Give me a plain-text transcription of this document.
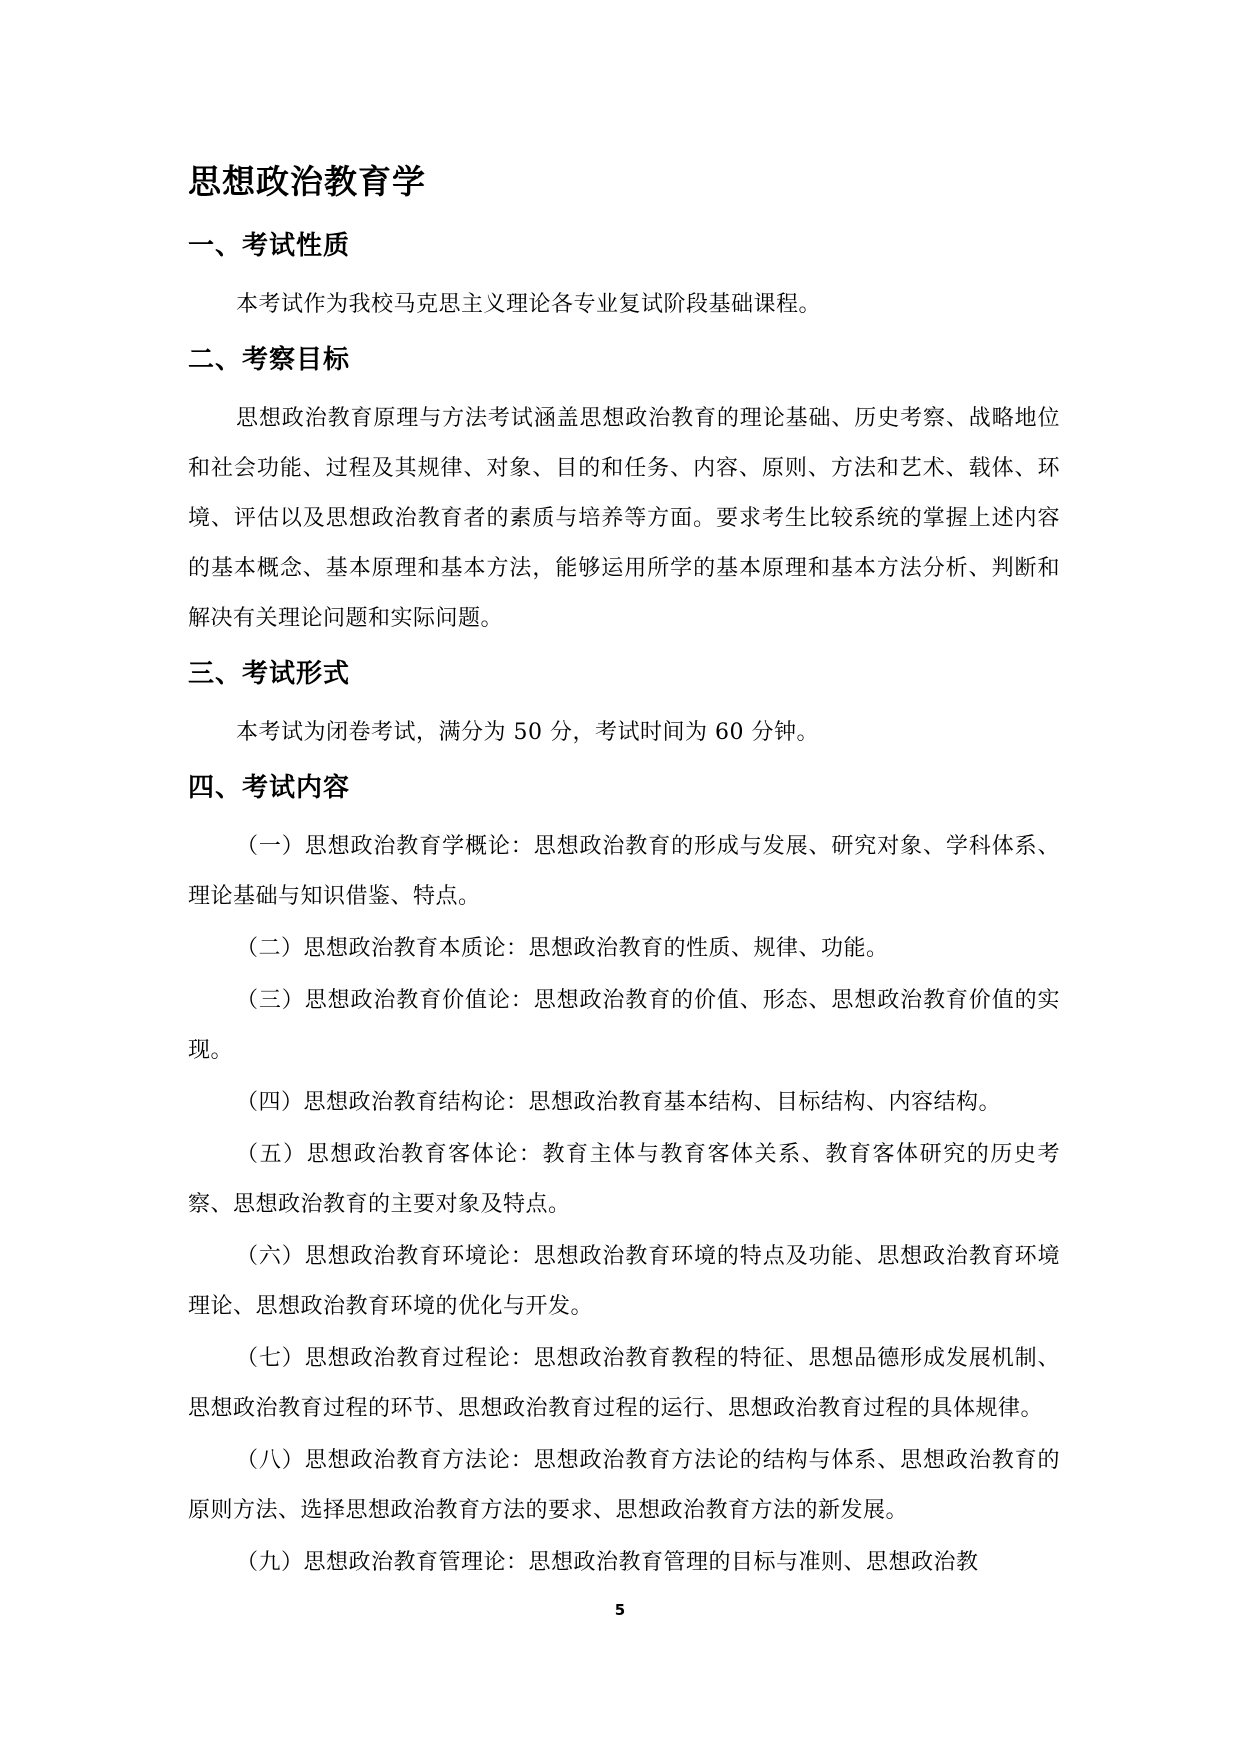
思想政治教育学
一、考试性质

本考试作为我校马克思主义理论各专业复试阶段基础课程。

二、考察目标

思想政治教育原理与方法考试涵盖思想政治教育的理论基础、历史考察、战略地位和社会功能、过程及其规律、对象、目的和任务、内容、原则、方法和艺术、载体、环境、评估以及思想政治教育者的素质与培养等方面。要求考生比较系统的掌握上述内容的基本概念、基本原理和基本方法，能够运用所学的基本原理和基本方法分析、判断和解决有关理论问题和实际问题。

三、考试形式

本考试为闭卷考试，满分为 50 分，考试时间为 60 分钟。

四、考试内容

（一）思想政治教育学概论：思想政治教育的形成与发展、研究对象、学科体系、理论基础与知识借鉴、特点。

（二）思想政治教育本质论：思想政治教育的性质、规律、功能。

（三）思想政治教育价值论：思想政治教育的价值、形态、思想政治教育价值的实现。

（四）思想政治教育结构论：思想政治教育基本结构、目标结构、内容结构。

（五）思想政治教育客体论：教育主体与教育客体关系、教育客体研究的历史考察、思想政治教育的主要对象及特点。

（六）思想政治教育环境论：思想政治教育环境的特点及功能、思想政治教育环境理论、思想政治教育环境的优化与开发。

（七）思想政治教育过程论：思想政治教育教程的特征、思想品德形成发展机制、思想政治教育过程的环节、思想政治教育过程的运行、思想政治教育过程的具体规律。

（八）思想政治教育方法论：思想政治教育方法论的结构与体系、思想政治教育的原则方法、选择思想政治教育方法的要求、思想政治教育方法的新发展。

（九）思想政治教育管理论：思想政治教育管理的目标与准则、思想政治教

5
